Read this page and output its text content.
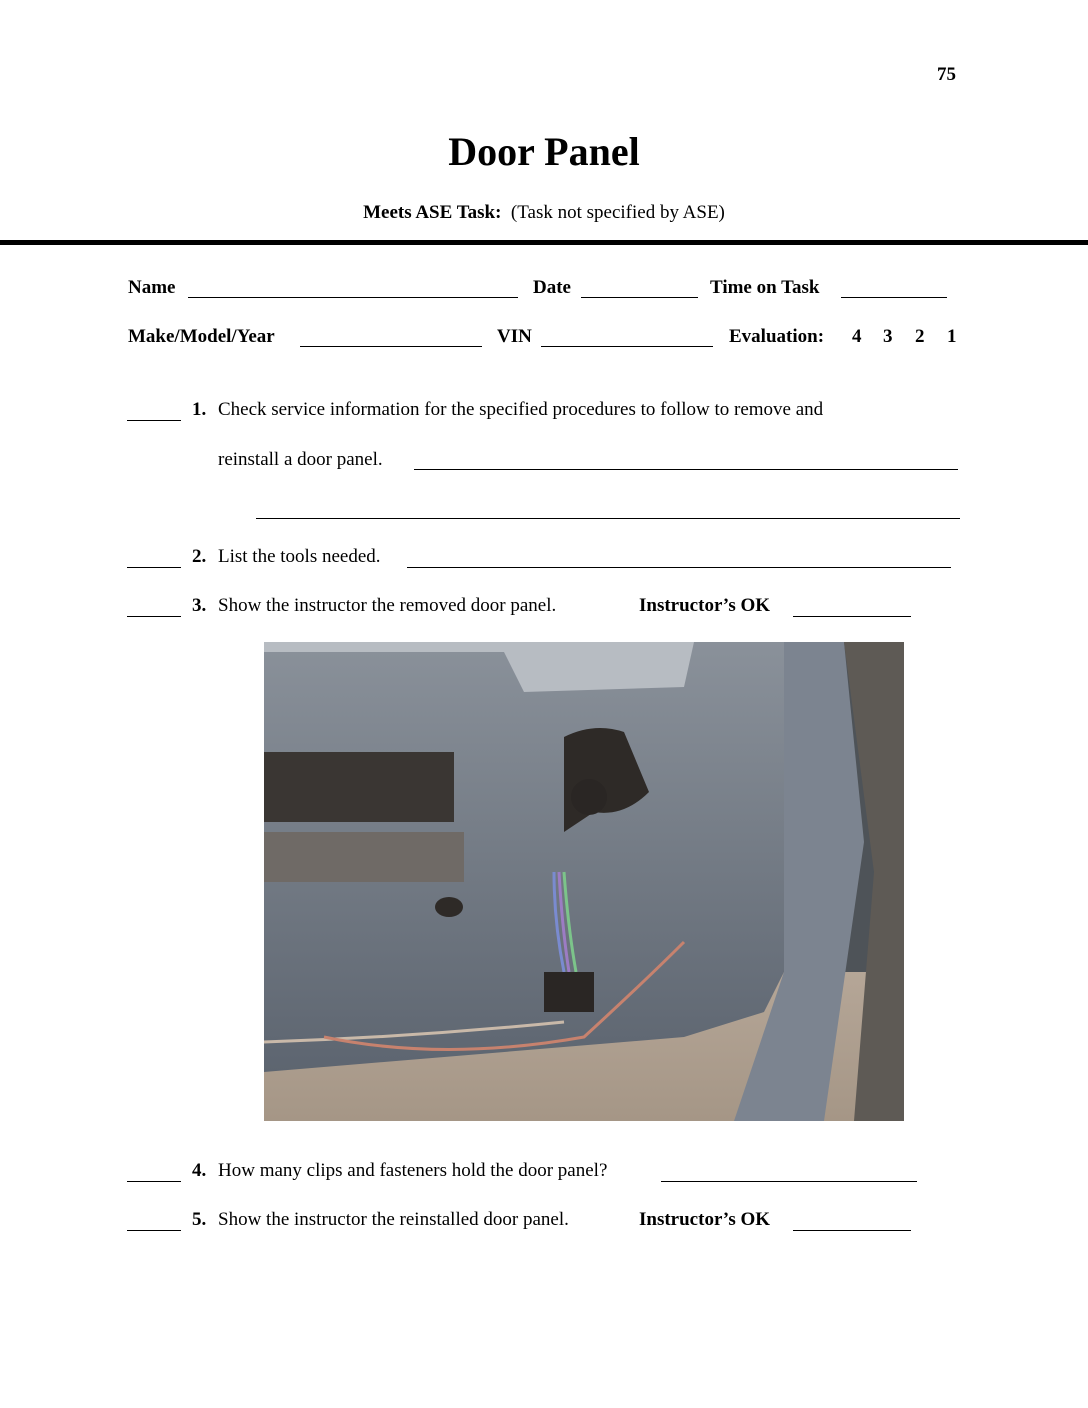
75
Door Panel
Meets ASE Task: (Task not specified by ASE)
Name	Date	Time on Task
Make/Model/Year	VIN	Evaluation: 4 3 2 1
1. Check service information for the specified procedures to follow to remove and
reinstall a door panel.
2. List the tools needed.
3. Show the instructor the removed door panel.	Instructor’s OK
4. How many clips and fasteners hold the door panel?
5. Show the instructor the reinstalled door panel.	Instructor’s OK
